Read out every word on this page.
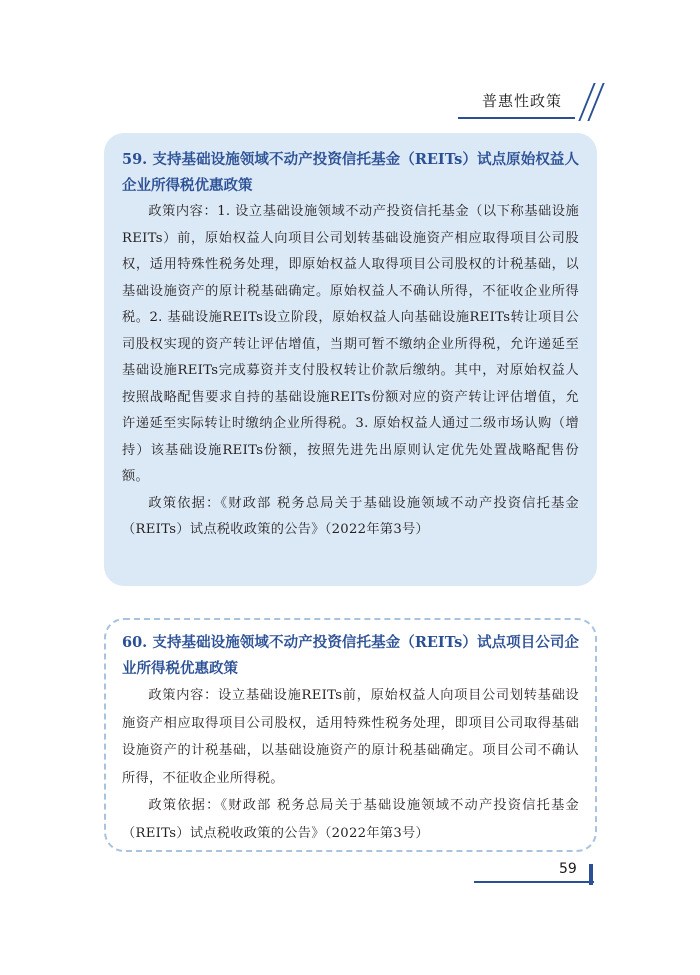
普惠性政策
59. 支持基础设施领域不动产投资信托基金（REITs）试点原始权益人企业所得税优惠政策

政策内容：1. 设立基础设施领域不动产投资信托基金（以下称基础设施REITs）前，原始权益人向项目公司划转基础设施资产相应取得项目公司股权，适用特殊性税务处理，即原始权益人取得项目公司股权的计税基础，以基础设施资产的原计税基础确定。原始权益人不确认所得，不征收企业所得税。2. 基础设施REITs设立阶段，原始权益人向基础设施REITs转让项目公司股权实现的资产转让评估增值，当期可暂不缴纳企业所得税，允许递延至基础设施REITs完成募资并支付股权转让价款后缴纳。其中，对原始权益人按照战略配售要求自持的基础设施REITs份额对应的资产转让评估增值，允许递延至实际转让时缴纳企业所得税。3. 原始权益人通过二级市场认购（增持）该基础设施REITs份额，按照先进先出原则认定优先处置战略配售份额。

政策依据：《财政部 税务总局关于基础设施领域不动产投资信托基金（REITs）试点税收政策的公告》（2022年第3号）

60. 支持基础设施领域不动产投资信托基金（REITs）试点项目公司企业所得税优惠政策

政策内容：设立基础设施REITs前，原始权益人向项目公司划转基础设施资产相应取得项目公司股权，适用特殊性税务处理，即项目公司取得基础设施资产的计税基础，以基础设施资产的原计税基础确定。项目公司不确认所得，不征收企业所得税。

政策依据：《财政部 税务总局关于基础设施领域不动产投资信托基金（REITs）试点税收政策的公告》（2022年第3号）

59
